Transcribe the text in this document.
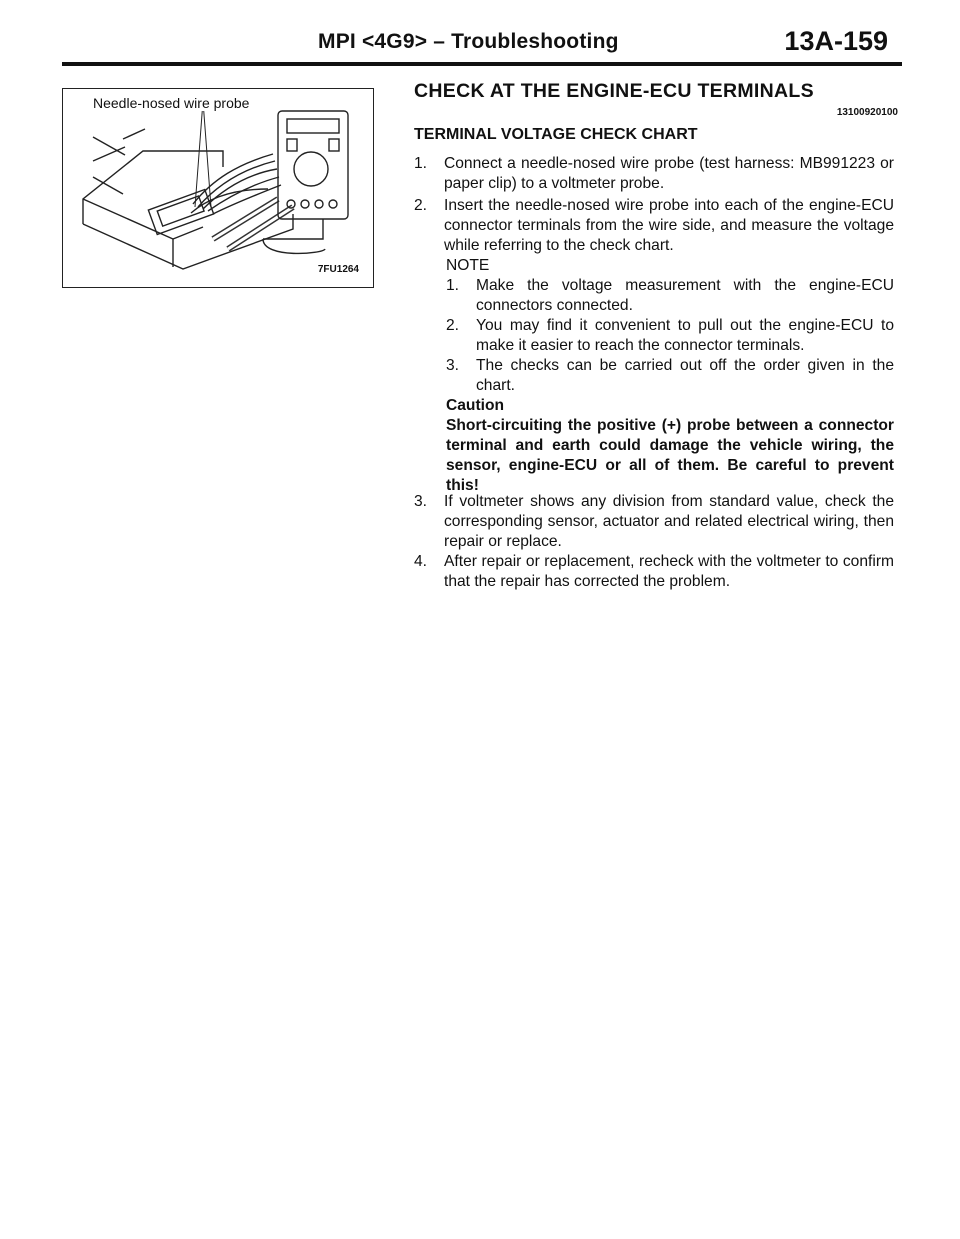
MPI <4G9> – Troubleshooting	13A-159
Needle-nosed wire probe
7FU1264
CHECK AT THE ENGINE-ECU TERMINALS
13100920100
TERMINAL VOLTAGE CHECK CHART
1.	Connect a needle-nosed wire probe (test harness: MB991223 or paper clip) to a voltmeter probe.
2.	Insert the needle-nosed wire probe into each of the engine-ECU connector terminals from the wire side, and measure the voltage while referring to the check chart.
NOTE
1.	Make the voltage measurement with the engine-ECU connectors connected.
2.	You may find it convenient to pull out the engine-ECU to make it easier to reach the connector terminals.
3.	The checks can be carried out off the order given in the chart.
Caution
Short-circuiting the positive (+) probe between a connector terminal and earth could damage the vehicle wiring, the sensor, engine-ECU or all of them. Be careful to prevent this!
3.	If voltmeter shows any division from standard value, check the corresponding sensor, actuator and related electrical wiring, then repair or replace.
4.	After repair or replacement, recheck with the voltmeter to confirm that the repair has corrected the problem.
